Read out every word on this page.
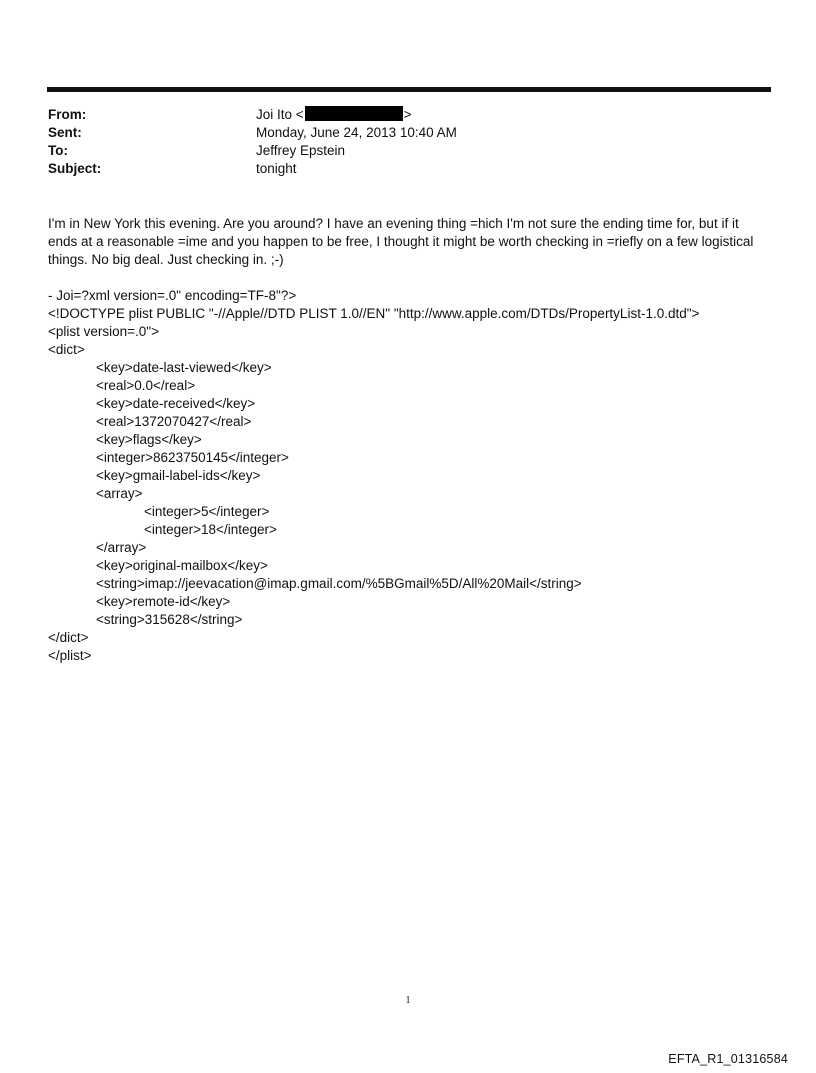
From:	Joi Ito <	>
Sent:	Monday, June 24, 2013 10:40 AM
To:	Jeffrey Epstein
Subject:	tonight

I'm in New York this evening. Are you around? I have an evening thing =hich I'm not sure the ending time for, but if it ends at a reasonable =ime and you happen to be free, I thought it might be worth checking in =riefly on a few logistical things. No big deal. Just checking in. ;-)

- Joi=?xml version=.0" encoding=TF-8"?>
<!DOCTYPE plist PUBLIC "-//Apple//DTD PLIST 1.0//EN" "http://www.apple.com/DTDs/PropertyList-1.0.dtd">
<plist version=.0">
<dict>
<key>date-last-viewed</key>
<real>0.0</real>
<key>date-received</key>
<real>1372070427</real>
<key>flags</key>
<integer>8623750145</integer>
<key>gmail-label-ids</key>
<array>
<integer>5</integer>
<integer>18</integer>
</array>
<key>original-mailbox</key>
<string>imap://jeevacation@imap.gmail.com/%5BGmail%5D/All%20Mail</string>
<key>remote-id</key>
<string>315628</string>
</dict>
</plist>
1
EFTA_R1_01316584
